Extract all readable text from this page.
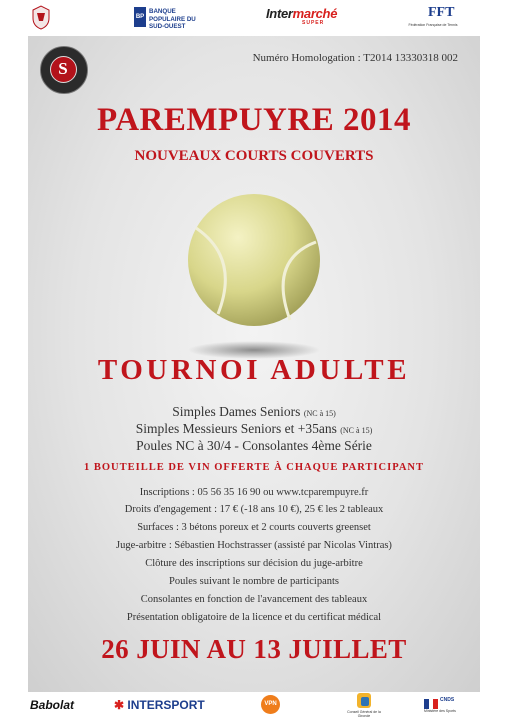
BP
BANQUE POPULAIRE DU SUD-OUEST
Intermarché
SUPER
FFT
Fédération Française de Tennis
S
Numéro Homologation : T2014 13330318 002
PAREMPUYRE 2014
NOUVEAUX COURTS COUVERTS
TOURNOI ADULTE
Simples Dames Seniors (NC à 15)
Simples Messieurs Seniors et +35ans (NC à 15)
Poules NC à 30/4 - Consolantes 4ème Série
1 BOUTEILLE DE VIN OFFERTE À CHAQUE PARTICIPANT
Inscriptions : 05 56 35 16 90 ou www.tcparempuyre.fr
Droits d'engagement : 17 € (-18 ans 10 €), 25 € les 2 tableaux
Surfaces : 3 bétons poreux et 2 courts couverts greenset
Juge-arbitre : Sébastien Hochstrasser (assisté par Nicolas Vintras)
Clôture des inscriptions sur décision du juge-arbitre
Poules suivant le nombre de participants
Consolantes en fonction de l'avancement des tableaux
Présentation obligatoire de la licence et du certificat médical
26 JUIN AU 13 JUILLET
Babolat	✱ INTERSPORT	VPN
Conseil Général de la Gironde
CNDS
Ministère des Sports
